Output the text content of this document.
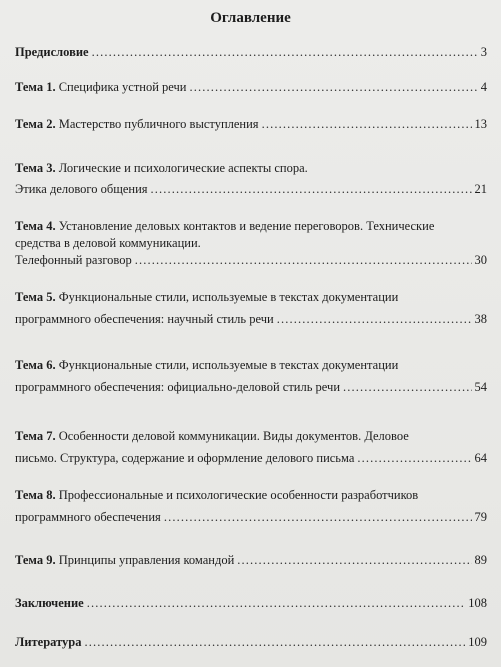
Оглавление
Предисловие . . .	3
Тема 1. Специфика устной речи . . .	4
Тема 2. Мастерство публичного выступления . . .	13
Тема 3. Логические и психологические аспекты спора.
Этика делового общения . . .	21
Тема 4. Установление деловых контактов и ведение переговоров. Технические
средства в деловой коммуникации.
Телефонный разговор . . .	30
Тема 5. Функциональные стили, используемые в текстах документации
программного обеспечения: научный стиль речи . . .	38
Тема 6. Функциональные стили, используемые в текстах документации
программного обеспечения: официально-деловой стиль речи . . .	54
Тема 7. Особенности деловой коммуникации. Виды документов. Деловое
письмо. Структура, содержание и оформление делового письма . . .	64
Тема 8. Профессиональные и психологические особенности разработчиков
программного обеспечения . . .	79
Тема 9. Принципы управления командой . . .	89
Заключение . . .	108
Литература . . .	109
